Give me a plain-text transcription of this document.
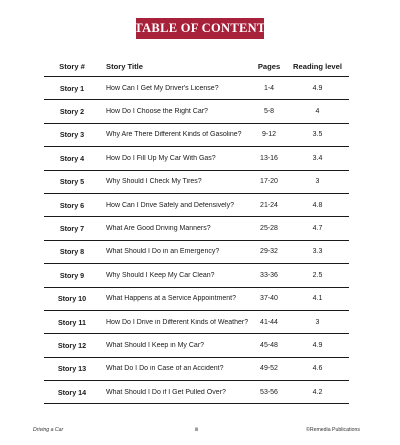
TABLE OF CONTENT
Story #	Story Title	Pages	Reading level
Story 1	How Can I Get My Driver's License?	1-4	4.9
Story 2	How Do I Choose the Right Car?	5-8	4
Story 3	Why Are There Different Kinds of Gasoline?	9-12	3.5
Story 4	How Do I Fill Up My Car With Gas?	13-16	3.4
Story 5	Why Should I Check My Tires?	17-20	3
Story 6	How Can I Drive Safely and Defensively?	21-24	4.8
Story 7	What Are Good Driving Manners?	25-28	4.7
Story 8	What Should I Do in an Emergency?	29-32	3.3
Story 9	Why Should I Keep My Car Clean?	33-36	2.5
Story 10	What Happens at a Service Appointment?	37-40	4.1
Story 11	How Do I Drive in Different Kinds of Weather?	41-44	3
Story 12	What Should I Keep in My Car?	45-48	4.9
Story 13	What Do I Do in Case of an Accident?	49-52	4.6
Story 14	What Should I Do if I Get Pulled Over?	53-56	4.2
Driving a Car	iii	©Remedia Publications
